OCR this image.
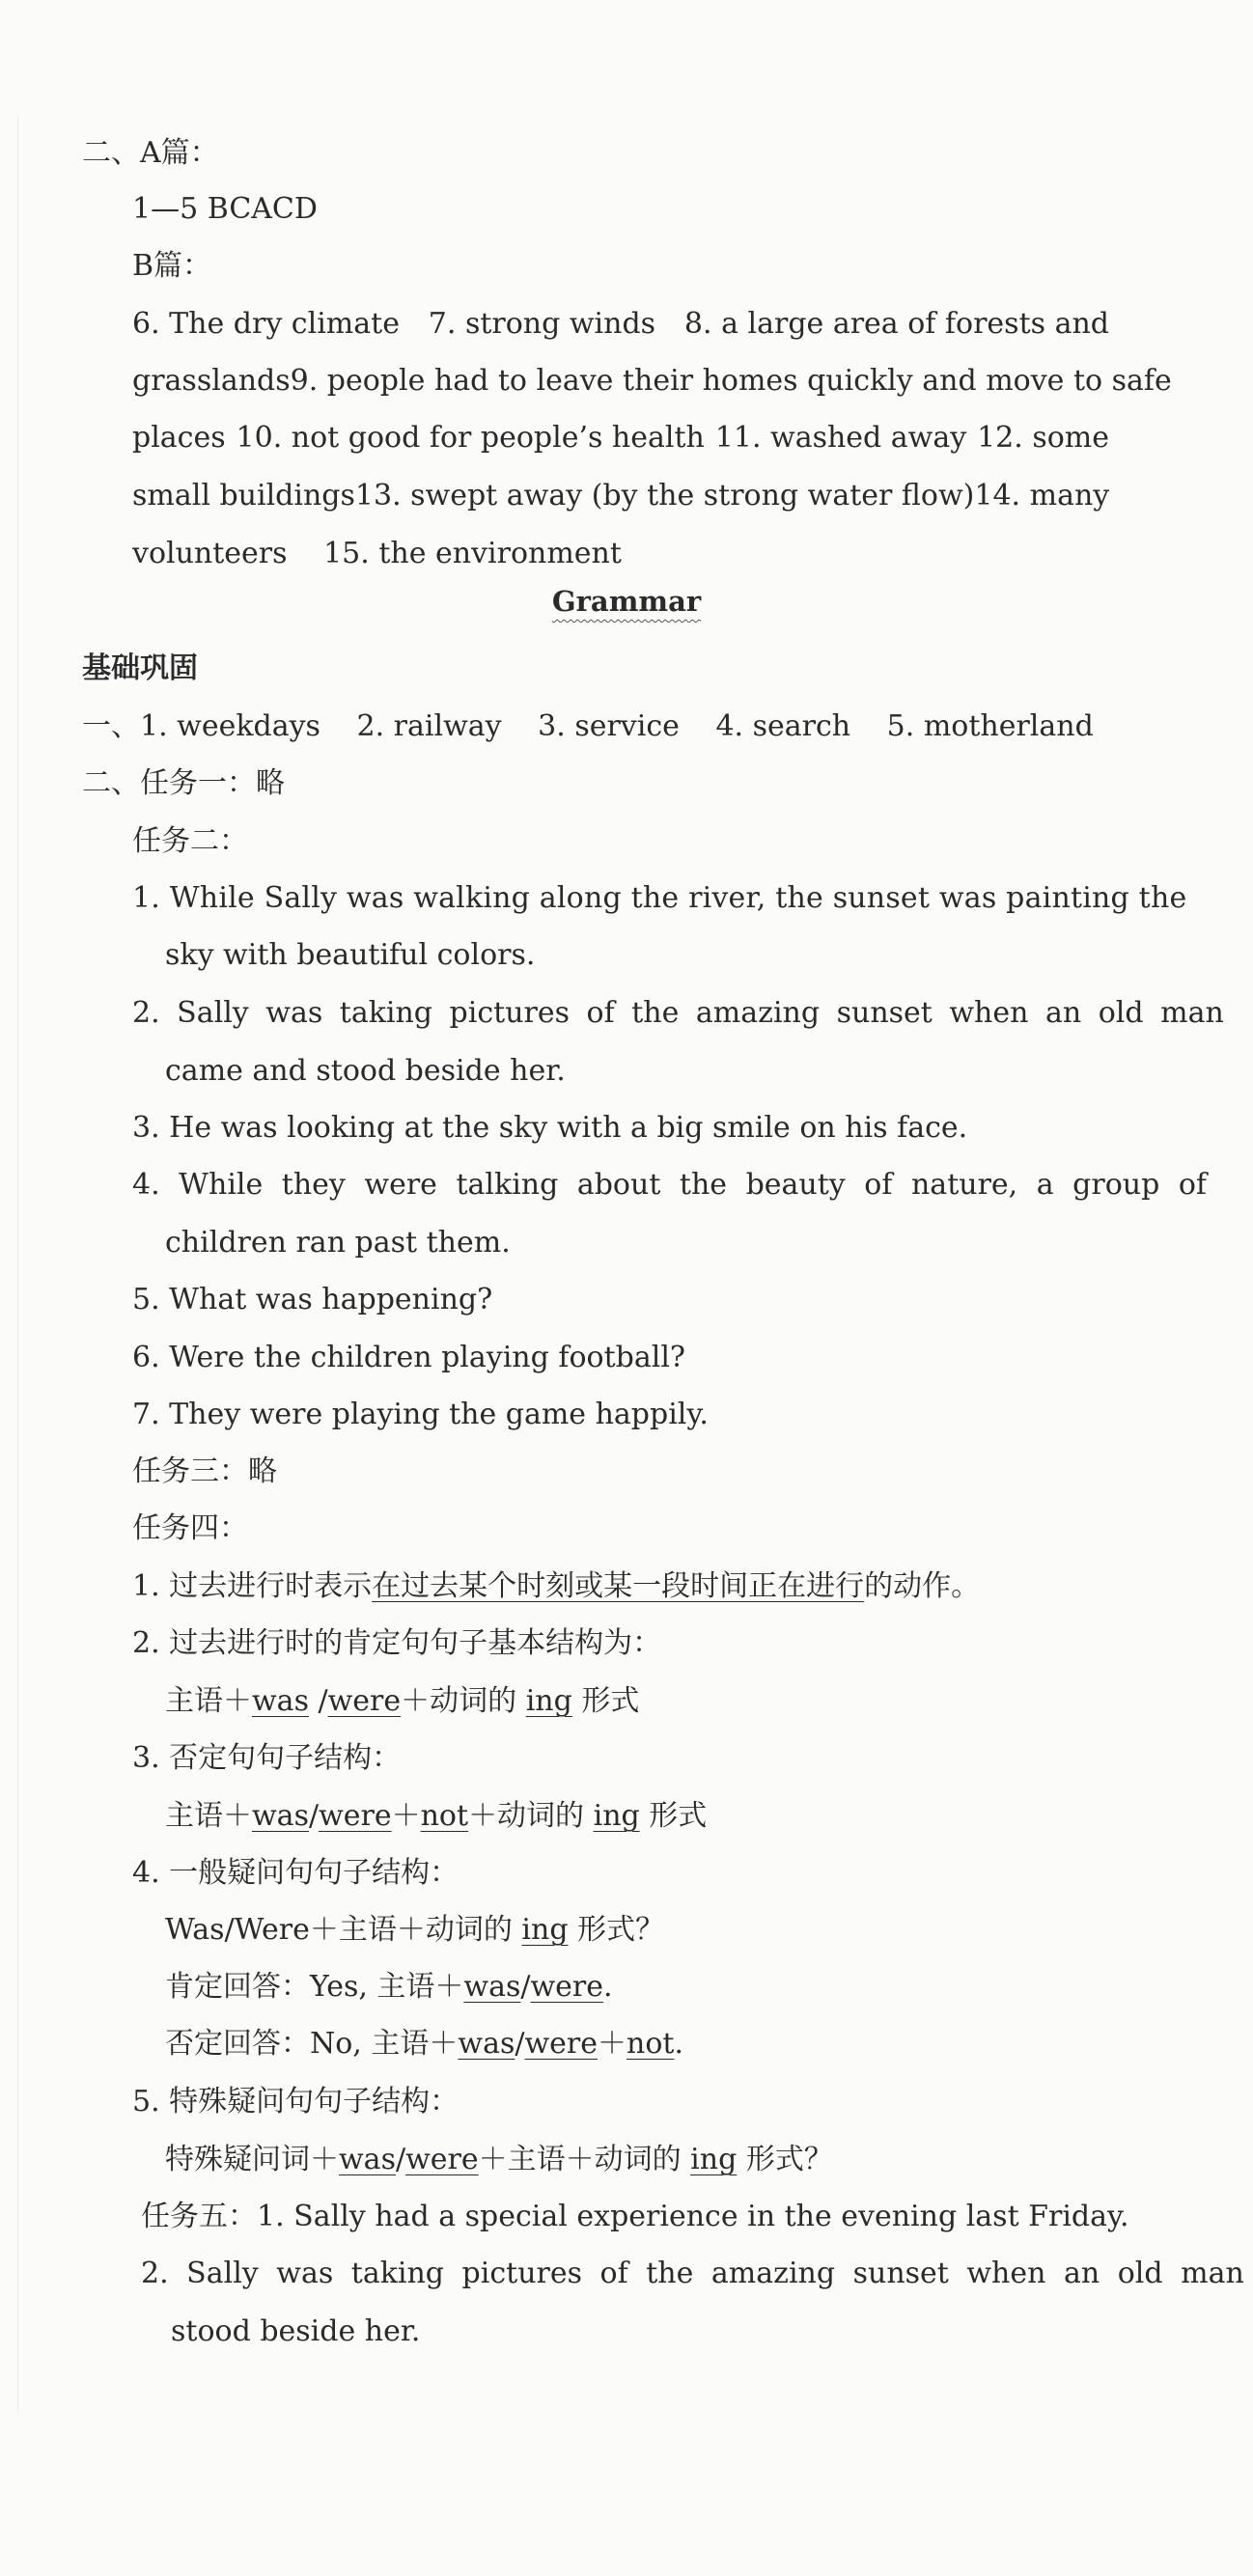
二、A篇：
1—5 BCACD
B篇：
6. The dry climate 7. strong winds 8. a large area of forests and
grasslands 9. people had to leave their homes quickly and move to safe
places 10. not good for people’s health 11. washed away 12. some
small buildings 13. swept away (by the strong water flow) 14. many
volunteers 15. the environment
Grammar
基础巩固
一、1. weekdays 2. railway 3. service 4. search 5. motherland
二、任务一：略
任务二：
1. While Sally was walking along the river, the sunset was painting the
sky with beautiful colors.
2. Sally was taking pictures of the amazing sunset when an old man
came and stood beside her.
3. He was looking at the sky with a big smile on his face.
4. While they were talking about the beauty of nature, a group of
children ran past them.
5. What was happening?
6. Were the children playing football?
7. They were playing the game happily.
任务三：略
任务四：
1. 过去进行时表示在过去某个时刻或某一段时间正在进行的动作。
2. 过去进行时的肯定句句子基本结构为：
主语＋was /were＋动词的 ing 形式
3. 否定句句子结构：
主语＋was/were＋not＋动词的 ing 形式
4. 一般疑问句句子结构：
Was/Were＋主语＋动词的 ing 形式？
肯定回答：Yes, 主语＋was/were.
否定回答：No, 主语＋was/were＋not.
5. 特殊疑问句句子结构：
特殊疑问词＋was/were＋主语＋动词的 ing 形式？
任务五：1. Sally had a special experience in the evening last Friday.
2. Sally was taking pictures of the amazing sunset when an old man
stood beside her.
